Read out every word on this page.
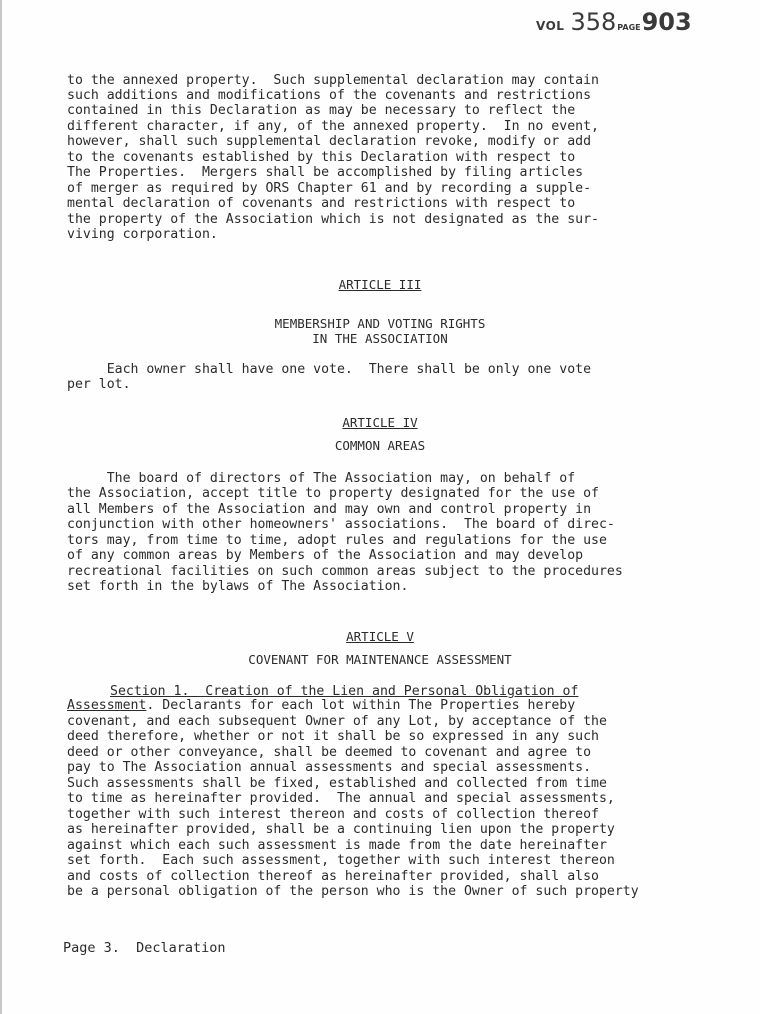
VOL 358PAGE903
to the annexed property.  Such supplemental declaration may contain
such additions and modifications of the covenants and restrictions
contained in this Declaration as may be necessary to reflect the
different character, if any, of the annexed property.  In no event,
however, shall such supplemental declaration revoke, modify or add
to the covenants established by this Declaration with respect to
The Properties.  Mergers shall be accomplished by filing articles
of merger as required by ORS Chapter 61 and by recording a supple-
mental declaration of covenants and restrictions with respect to
the property of the Association which is not designated as the sur-
viving corporation.
ARTICLE III
MEMBERSHIP AND VOTING RIGHTS
IN THE ASSOCIATION
Each owner shall have one vote.  There shall be only one vote
per lot.
ARTICLE IV
COMMON AREAS
The board of directors of The Association may, on behalf of
the Association, accept title to property designated for the use of
all Members of the Association and may own and control property in
conjunction with other homeowners' associations.  The board of direc-
tors may, from time to time, adopt rules and regulations for the use
of any common areas by Members of the Association and may develop
recreational facilities on such common areas subject to the procedures
set forth in the bylaws of The Association.
ARTICLE V
COVENANT FOR MAINTENANCE ASSESSMENT
Section 1.  Creation of the Lien and Personal Obligation of
Assessment. Declarants for each lot within The Properties hereby
covenant, and each subsequent Owner of any Lot, by acceptance of the
deed therefore, whether or not it shall be so expressed in any such
deed or other conveyance, shall be deemed to covenant and agree to
pay to The Association annual assessments and special assessments.
Such assessments shall be fixed, established and collected from time
to time as hereinafter provided.  The annual and special assessments,
together with such interest thereon and costs of collection thereof
as hereinafter provided, shall be a continuing lien upon the property
against which each such assessment is made from the date hereinafter
set forth.  Each such assessment, together with such interest thereon
and costs of collection thereof as hereinafter provided, shall also
be a personal obligation of the person who is the Owner of such property
Page 3.  Declaration
